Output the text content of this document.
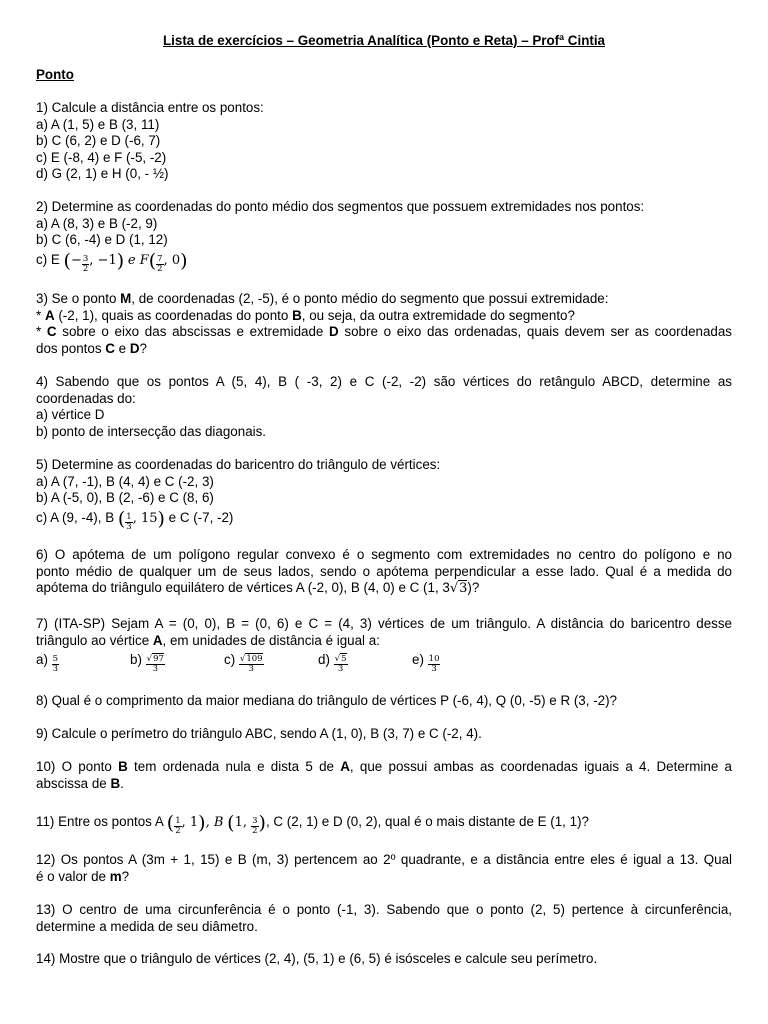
Lista de exercícios – Geometria Analítica (Ponto e Reta) – Profª Cintia
Ponto
1) Calcule a distância entre os pontos:
a) A (1, 5) e B (3, 11)
b) C (6, 2) e D (-6, 7)
c) E (-8, 4) e F (-5, -2)
d) G (2, 1) e H (0, - ½)
2) Determine as coordenadas do ponto médio dos segmentos que possuem extremidades nos pontos:
a) A (8, 3) e B (-2, 9)
b) C (6, -4) e D (1, 12)
c) E (− $\frac{3}{2}$ , −1) e $F( \frac{7}{2}$ , 0)
3) Se o ponto M, de coordenadas (2, -5), é o ponto médio do segmento que possui extremidade:
* A (-2, 1), quais as coordenadas do ponto B, ou seja, da outra extremidade do segmento?
* C sobre o eixo das abscissas e extremidade D sobre o eixo das ordenadas, quais devem ser as coordenadas
dos pontos C e D?
4) Sabendo que os pontos A (5, 4), B ( -3, 2) e C (-2, -2) são vértices do retângulo ABCD, determine as
coordenadas do:
a) vértice D
b) ponto de intersecção das diagonais.
5) Determine as coordenadas do baricentro do triângulo de vértices:
a) A (7, -1), B (4, 4) e C (-2, 3)
b) A (-5, 0), B (2, -6) e C (8, 6)
c) A (9, -4), B ( $\frac{1}{3}$ , 15) e C (-7, -2)
6) O apótema de um polígono regular convexo é o segmento com extremidades no centro do polígono e no
ponto médio de qualquer um de seus lados, sendo o apótema perpendicular a esse lado. Qual é a medida do
apótema do triângulo equilátero de vértices A (-2, 0), B (4, 0) e C (1, 3√3)?
7) (ITA-SP) Sejam A = (0, 0), B = (0, 6) e C = (4, 3) vértices de um triângulo. A distância do baricentro desse
triângulo ao vértice A, em unidades de distância é igual a:
$a) \frac{5}{3}$	$b) \frac{√97}{3}$	$c) \frac{√109}{3}$	$d) \frac{√5}{3}$	$e) \frac{10}{3}$
8) Qual é o comprimento da maior mediana do triângulo de vértices P (-6, 4), Q (0, -5) e R (3, -2)?
9) Calcule o perímetro do triângulo ABC, sendo A (1, 0), B (3, 7) e C (-2, 4).
10) O ponto B tem ordenada nula e dista 5 de A, que possui ambas as coordenadas iguais a 4. Determine a
abscissa de B.
11) Entre os pontos A ( $\frac{1}{2}$ , 1), B (1, $\frac{3}{2}$ ), C (2, 1) e D (0, 2), qual é o mais distante de E (1, 1)?
12) Os pontos A (3m + 1, 15) e B (m, 3) pertencem ao 2º quadrante, e a distância entre eles é igual a 13. Qual
é o valor de m?
13) O centro de uma circunferência é o ponto (-1, 3). Sabendo que o ponto (2, 5) pertence à circunferência,
determine a medida de seu diâmetro.
14) Mostre que o triângulo de vértices (2, 4), (5, 1) e (6, 5) é isósceles e calcule seu perímetro.
